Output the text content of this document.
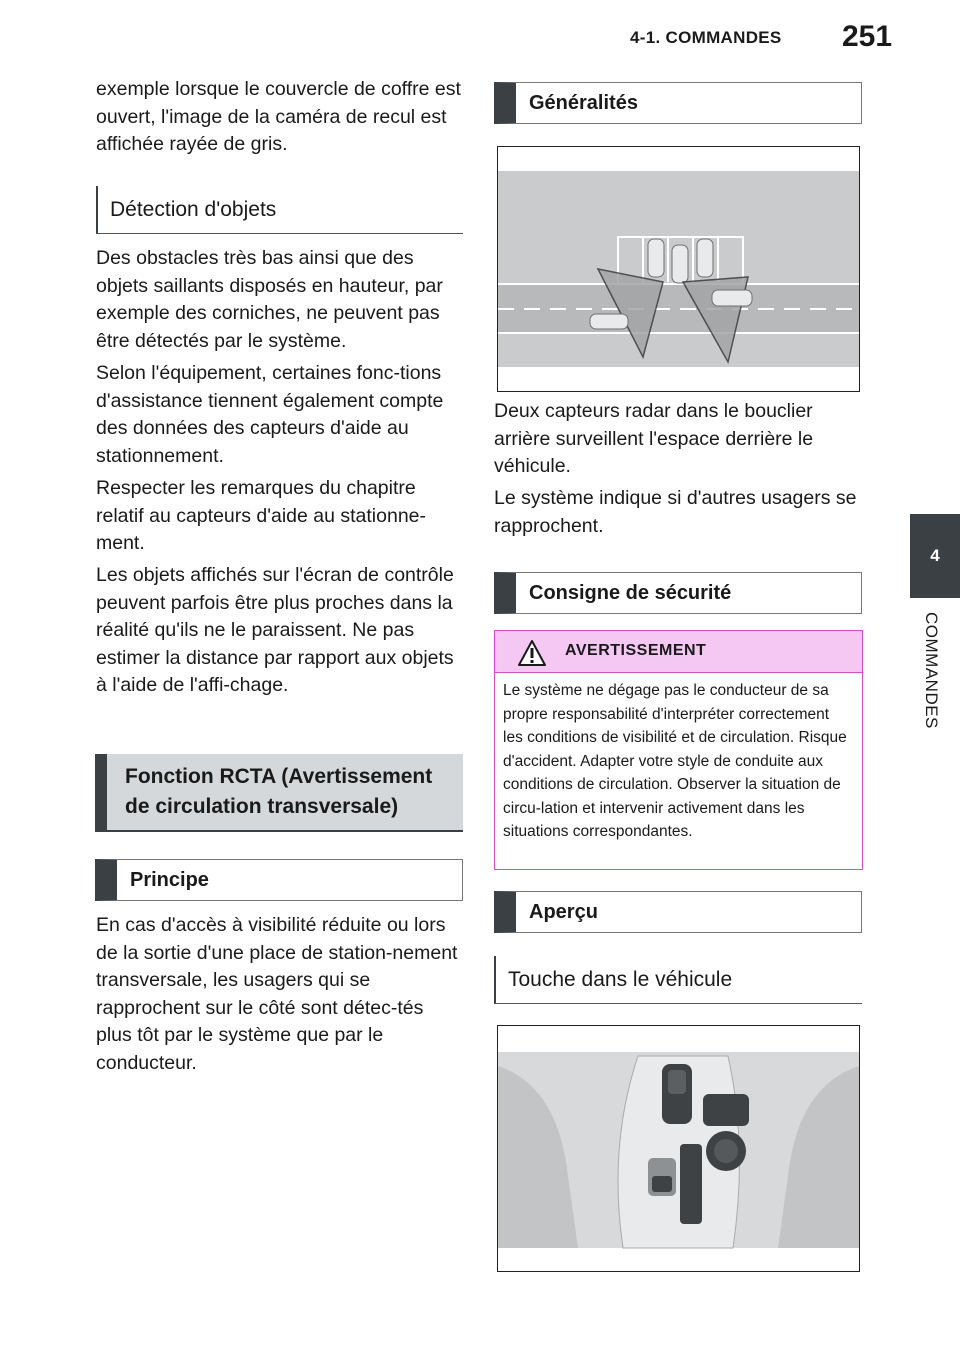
4-1. COMMANDES 251
4
COMMANDES
exemple lorsque le couvercle de coffre est ouvert, l'image de la caméra de recul est affichée rayée de gris.
Détection d'objets
Des obstacles très bas ainsi que des objets saillants disposés en hauteur, par exemple des corniches, ne peuvent pas être détectés par le système.
Selon l'équipement, certaines fonc-tions d'assistance tiennent également compte des données des capteurs d'aide au stationnement.
Respecter les remarques du chapitre relatif au capteurs d'aide au stationne-ment.
Les objets affichés sur l'écran de contrôle peuvent parfois être plus proches dans la réalité qu'ils ne le paraissent. Ne pas estimer la distance par rapport aux objets à l'aide de l'affi-chage.
Fonction RCTA (Avertissement
de circulation transversale)
Principe
En cas d'accès à visibilité réduite ou lors de la sortie d'une place de station-nement transversale, les usagers qui se rapprochent sur le côté sont détec-tés plus tôt par le système que par le conducteur.
Généralités
Deux capteurs radar dans le bouclier arrière surveillent l'espace derrière le véhicule.
Le système indique si d'autres usagers se rapprochent.
Consigne de sécurité
AVERTISSEMENT
Le système ne dégage pas le conducteur de sa propre responsabilité d'interpréter correctement les conditions de visibilité et de circulation. Risque d'accident. Adapter votre style de conduite aux conditions de circulation. Observer la situation de circu-lation et intervenir activement dans les situations correspondantes.
Aperçu
Touche dans le véhicule
